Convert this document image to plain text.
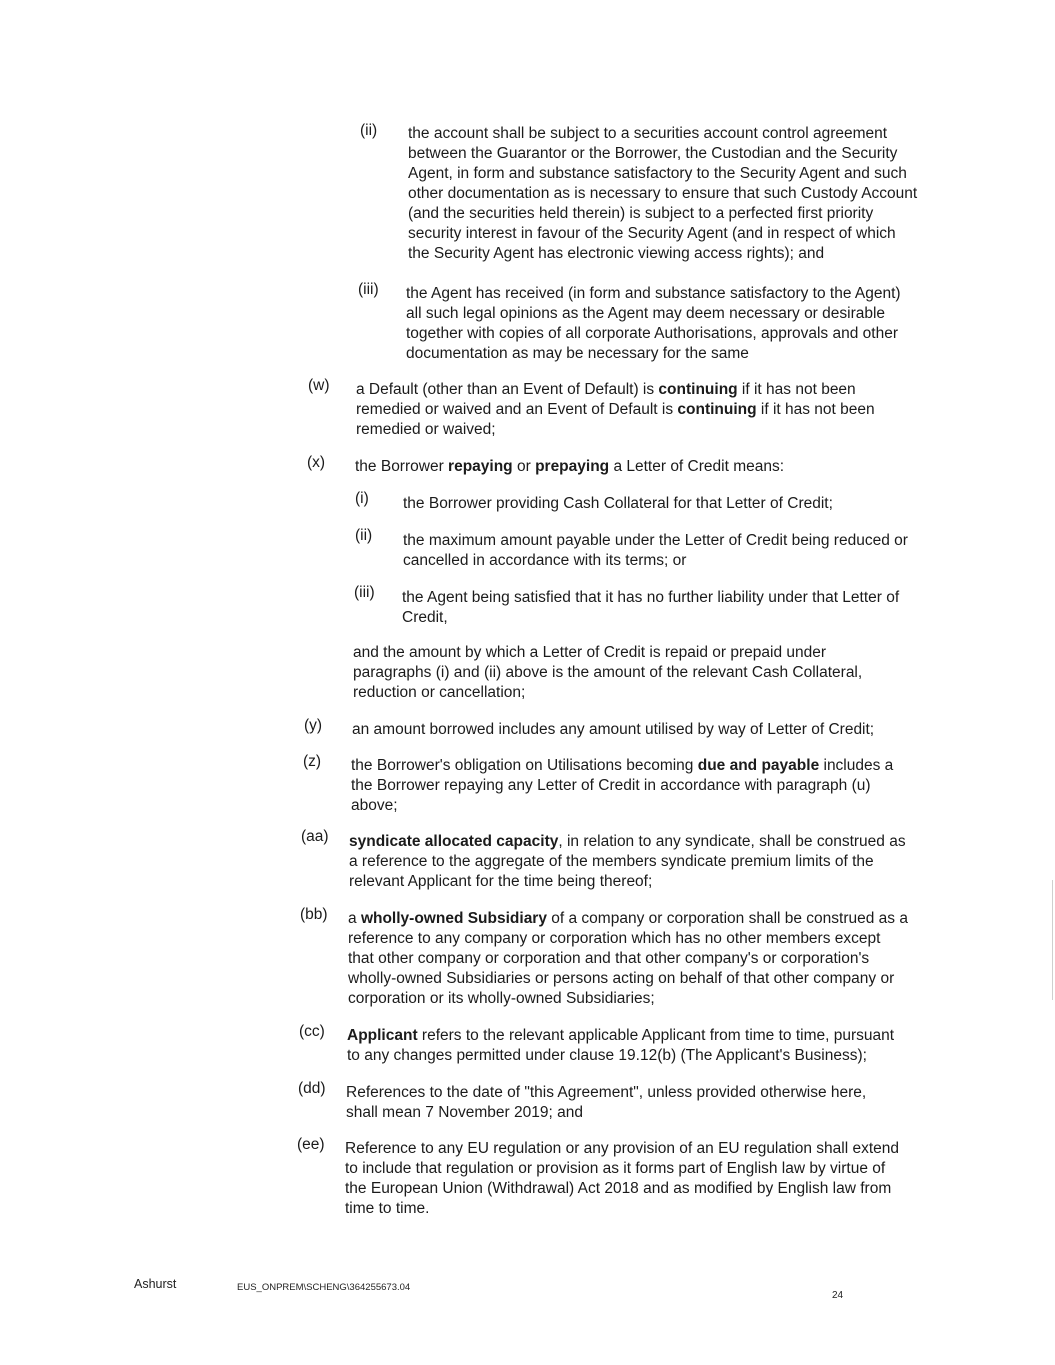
(ii) the account shall be subject to a securities account control agreement between the Guarantor or the Borrower, the Custodian and the Security Agent, in form and substance satisfactory to the Security Agent and such other documentation as is necessary to ensure that such Custody Account (and the securities held therein) is subject to a perfected first priority security interest in favour of the Security Agent (and in respect of which the Security Agent has electronic viewing access rights); and
(iii) the Agent has received (in form and substance satisfactory to the Agent) all such legal opinions as the Agent may deem necessary or desirable together with copies of all corporate Authorisations, approvals and other documentation as may be necessary for the same
(w) a Default (other than an Event of Default) is continuing if it has not been remedied or waived and an Event of Default is continuing if it has not been remedied or waived;
(x) the Borrower repaying or prepaying a Letter of Credit means:
(i) the Borrower providing Cash Collateral for that Letter of Credit;
(ii) the maximum amount payable under the Letter of Credit being reduced or cancelled in accordance with its terms; or
(iii) the Agent being satisfied that it has no further liability under that Letter of Credit,
and the amount by which a Letter of Credit is repaid or prepaid under paragraphs (i) and (ii) above is the amount of the relevant Cash Collateral, reduction or cancellation;
(y) an amount borrowed includes any amount utilised by way of Letter of Credit;
(z) the Borrower's obligation on Utilisations becoming due and payable includes a the Borrower repaying any Letter of Credit in accordance with paragraph (u) above;
(aa) syndicate allocated capacity, in relation to any syndicate, shall be construed as a reference to the aggregate of the members syndicate premium limits of the relevant Applicant for the time being thereof;
(bb) a wholly-owned Subsidiary of a company or corporation shall be construed as a reference to any company or corporation which has no other members except that other company or corporation and that other company's or corporation's wholly-owned Subsidiaries or persons acting on behalf of that other company or corporation or its wholly-owned Subsidiaries;
(cc) Applicant refers to the relevant applicable Applicant from time to time, pursuant to any changes permitted under clause 19.12(b) (The Applicant's Business);
(dd) References to the date of "this Agreement", unless provided otherwise here, shall mean 7 November 2019; and
(ee) Reference to any EU regulation or any provision of an EU regulation shall extend to include that regulation or provision as it forms part of English law by virtue of the European Union (Withdrawal) Act 2018 and as modified by English law from time to time.
Ashurst	EUS_ONPREM\SCHENG\364255673.04
24
